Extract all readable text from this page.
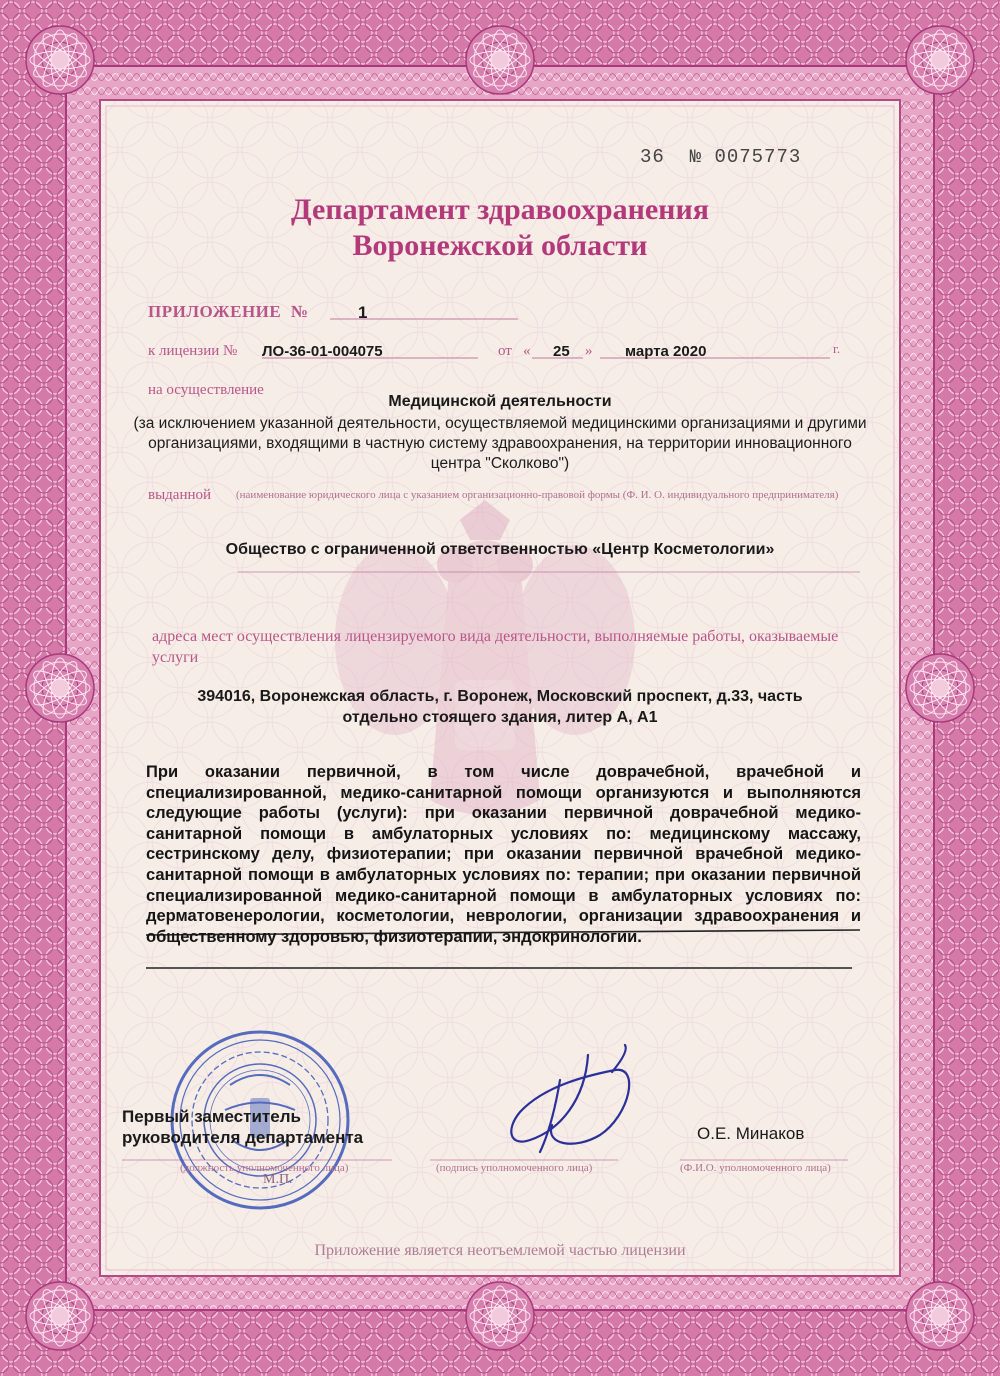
36 № 0075773
Департамент здравоохранения
Воронежской области
ПРИЛОЖЕНИЕ №	1
к лицензии № ЛО-36-01-004075	от « 25 » марта 2020	г.
на осуществление
Медицинской деятельности
(за исключением указанной деятельности, осуществляемой медицинскими организациями и другими организациями, входящими в частную систему здравоохранения, на территории инновационного центра "Сколково")
выданной (наименование юридического лица с указанием организационно-правовой формы (Ф. И. О. индивидуального предпринимателя)
Общество с ограниченной ответственностью «Центр Косметологии»
адреса мест осуществления лицензируемого вида деятельности, выполняемые работы, оказываемые услуги
394016, Воронежская область, г. Воронеж, Московский проспект, д.33, часть отдельно стоящего здания, литер А, А1
При оказании первичной, в том числе доврачебной, врачебной и специализированной, медико-санитарной помощи организуются и выполняются следующие работы (услуги): при оказании первичной доврачебной медико-санитарной помощи в амбулаторных условиях по: медицинскому массажу, сестринскому делу, физиотерапии; при оказании первичной врачебной медико-санитарной помощи в амбулаторных условиях по: терапии; при оказании первичной специализированной медико-санитарной помощи в амбулаторных условиях по: дерматовенерологии, косметологии, неврологии, организации здравоохранения и общественному здоровью, физиотерапии, эндокринологии.
Первый заместитель
руководителя департамента
(должность уполномоченного лица)	(подпись уполномоченного лица)
О.Е. Минаков
(Ф.И.О. уполномоченного лица)
М.П.
Приложение является неотъемлемой частью лицензии
